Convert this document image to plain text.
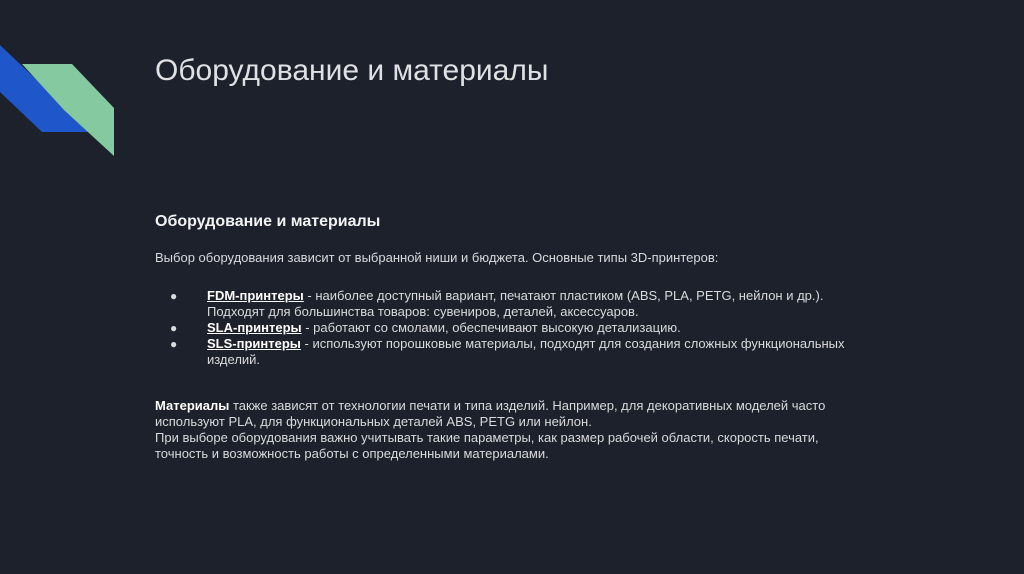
Оборудование и материалы

Оборудование и материалы

Выбор оборудования зависит от выбранной ниши и бюджета. Основные типы 3D-принтеров:

● FDM-принтеры - наиболее доступный вариант, печатают пластиком (ABS, PLA, PETG, нейлон и др.).
Подходят для большинства товаров: сувениров, деталей, аксессуаров.
● SLA-принтеры - работают со смолами, обеспечивают высокую детализацию.
● SLS-принтеры - используют порошковые материалы, подходят для создания сложных функциональных
изделий.

Материалы также зависят от технологии печати и типа изделий. Например, для декоративных моделей часто
используют PLA, для функциональных деталей ABS, PETG или нейлон.
При выборе оборудования важно учитывать такие параметры, как размер рабочей области, скорость печати,
точность и возможность работы с определенными материалами.
